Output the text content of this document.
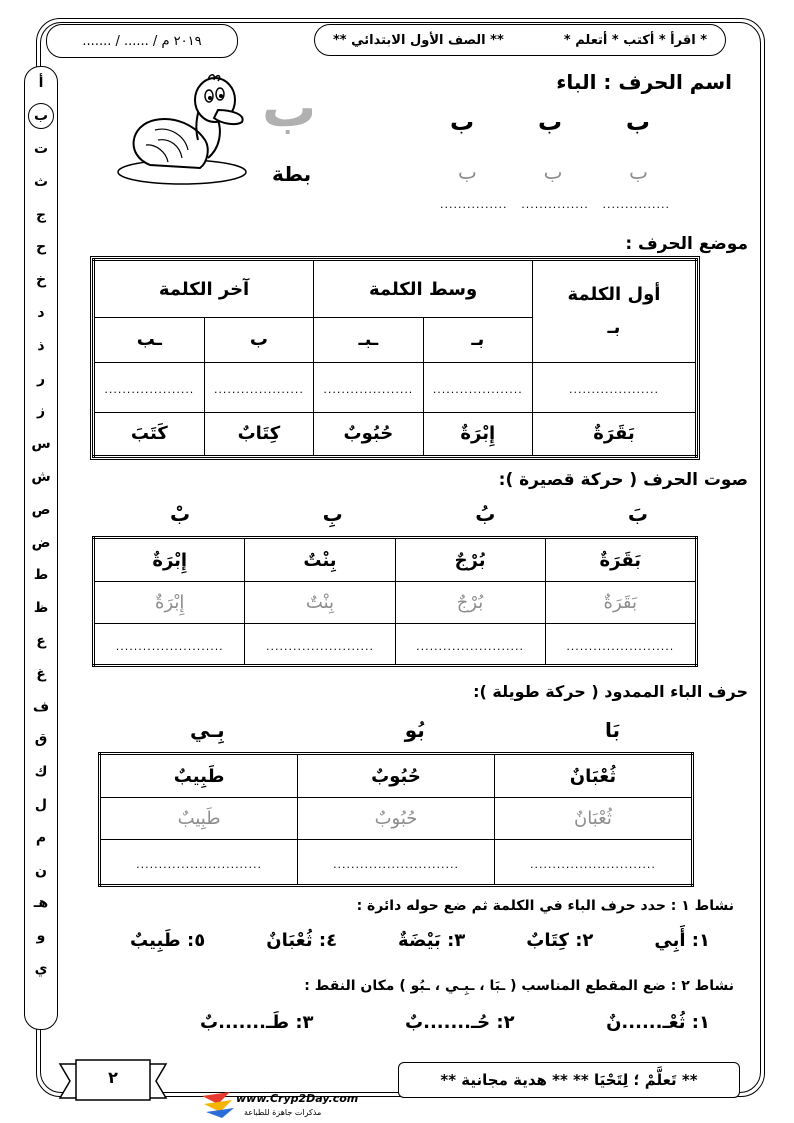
....... / ...... / ٢٠١٩ م	** الصف الأول الابتدائي **	* اقرأ * أكتب * أتعلم *
أ
ب
ت
ث
ج
ح
خ
د
ذ
ر
ز
س
ش
ص
ض
ط
ظ
ع
غ
ف
ق
ك
ل
م
ن
هـ
و
ي
اسم الحرف : الباء
ب
ب
ب
ب
ب
ب
............... ............... ...............
ب
بطة
موضع الحرف :
أول الكلمة
بـ	وسط الكلمة		آخر الكلمة	
	بـ	ـبـ	ب	ـب
....................	....................	....................	....................	....................
بَقَرَةٌ	إِبْرَةٌ	حُبُوبٌ	كِتَابٌ	كَتَبَ
صوت الحرف ( حركة قصيرة ):
بَ
بُ
بِ
بْ
بَقَرَةٌ	بُرْجٌ	بِنْتٌ	إِبْرَةٌ
بَقَرَةٌ	بُرْجٌ	بِنْتٌ	إِبْرَةٌ
........................	........................	........................	........................
حرف الباء الممدود ( حركة طويلة ):
بَا
بُو
بِـي
ثُعْبَانٌ	حُبُوبٌ	طَبِيبٌ
ثُعْبَانٌ	حُبُوبٌ	طَبِيبٌ
............................	............................	............................
نشاط ١ : حدد حرف الباء في الكلمة ثم ضع حوله دائرة :
١: أَبِي
٢: كِتَابٌ
٣: بَيْضَةٌ
٤: ثُعْبَانٌ
٥: طَبِيبٌ
نشاط ٢ : ضع المقطع المناسب ( ـبَا ، ـبِـي ، ـبُو ) مكان النقط :
١: ثُعْـ......نٌ
٢: حُـ.......بٌ
٣: طَـ.......بٌ
٢	** تَعلَّمْ ؛ لِتَحْيَا ** ** هدية مجانية **
www.Cryp2Day.com
مذكرات جاهزة للطباعة
